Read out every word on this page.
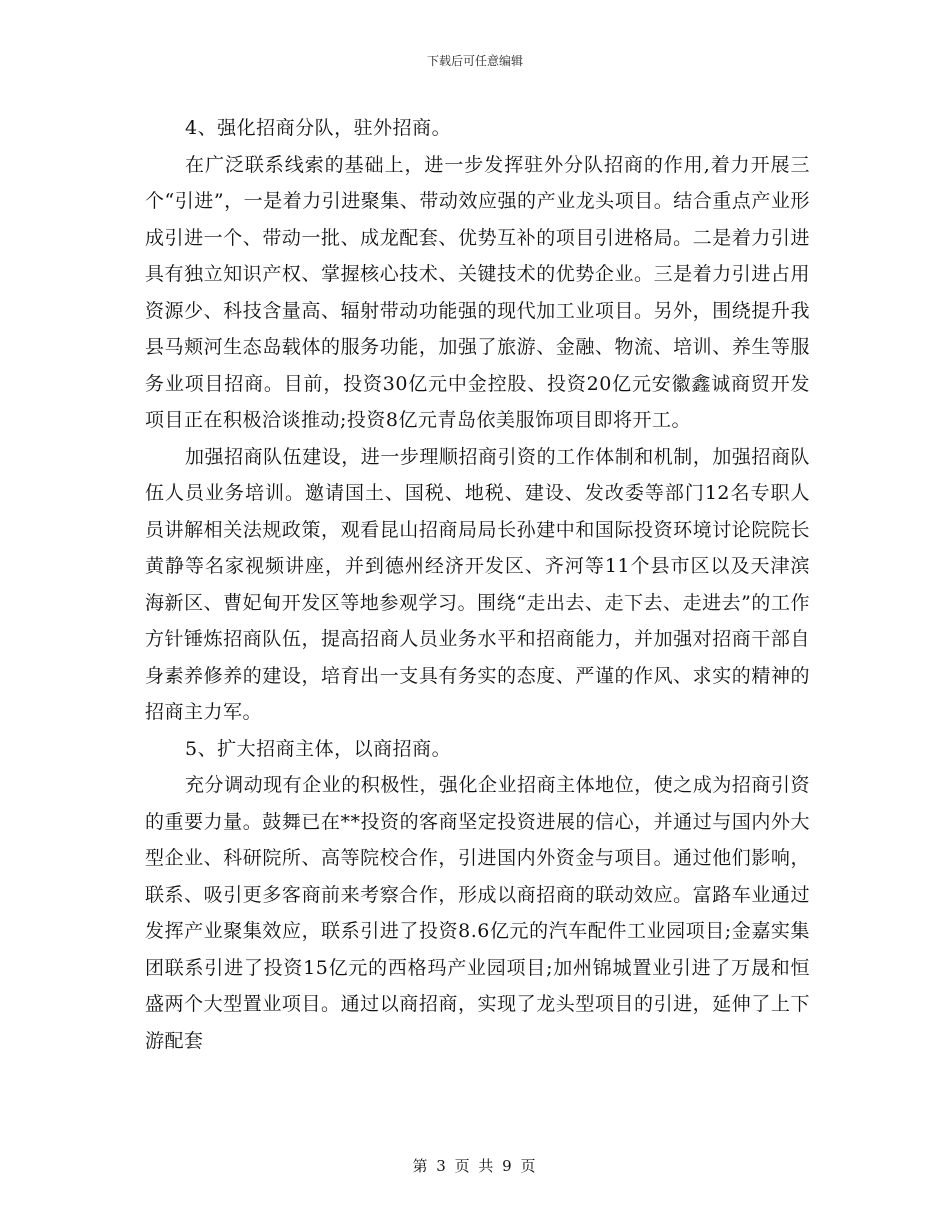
下载后可任意编辑

4、强化招商分队，驻外招商。

在广泛联系线索的基础上，进一步发挥驻外分队招商的作用,着力开展三个“引进”，一是着力引进聚集、带动效应强的产业龙头项目。结合重点产业形成引进一个、带动一批、成龙配套、优势互补的项目引进格局。二是着力引进具有独立知识产权、掌握核心技术、关键技术的优势企业。三是着力引进占用资源少、科技含量高、辐射带动功能强的现代加工业项目。另外，围绕提升我县马颊河生态岛载体的服务功能，加强了旅游、金融、物流、培训、养生等服务业项目招商。目前，投资30亿元中金控股、投资20亿元安徽鑫诚商贸开发项目正在积极洽谈推动;投资8亿元青岛依美服饰项目即将开工。

加强招商队伍建设，进一步理顺招商引资的工作体制和机制，加强招商队伍人员业务培训。邀请国土、国税、地税、建设、发改委等部门12名专职人员讲解相关法规政策，观看昆山招商局局长孙建中和国际投资环境讨论院院长黄静等名家视频讲座，并到德州经济开发区、齐河等11个县市区以及天津滨海新区、曹妃甸开发区等地参观学习。围绕“走出去、走下去、走进去”的工作方针锤炼招商队伍，提高招商人员业务水平和招商能力，并加强对招商干部自身素养修养的建设，培育出一支具有务实的态度、严谨的作风、求实的精神的招商主力军。

5、扩大招商主体，以商招商。

充分调动现有企业的积极性，强化企业招商主体地位，使之成为招商引资的重要力量。鼓舞已在**投资的客商坚定投资进展的信心，并通过与国内外大型企业、科研院所、高等院校合作，引进国内外资金与项目。通过他们影响，联系、吸引更多客商前来考察合作，形成以商招商的联动效应。富路车业通过发挥产业聚集效应，联系引进了投资8.6亿元的汽车配件工业园项目;金嘉实集团联系引进了投资15亿元的西格玛产业园项目;加州锦城置业引进了万晟和恒盛两个大型置业项目。通过以商招商，实现了龙头型项目的引进，延伸了上下游配套

第 3 页 共 9 页
